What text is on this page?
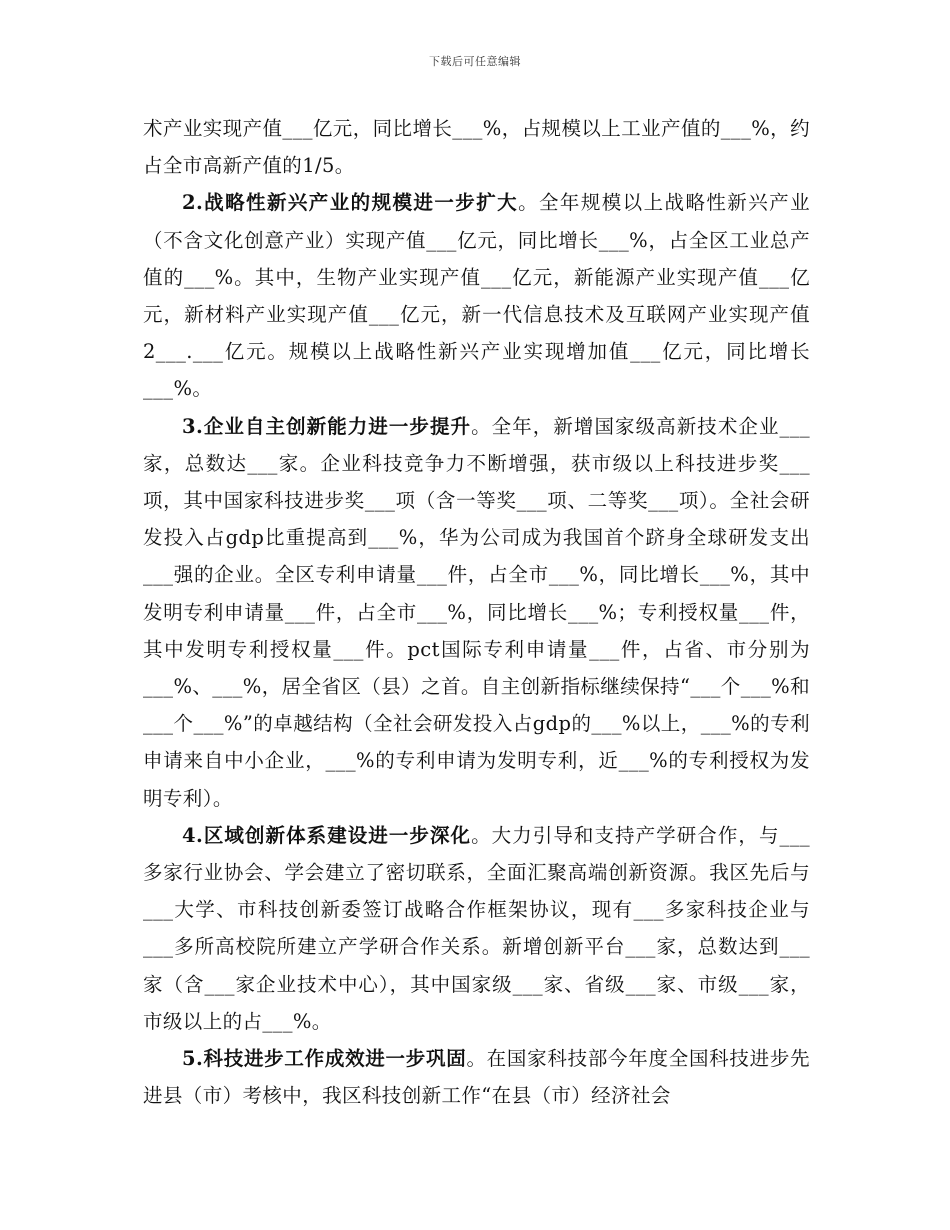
下载后可任意编辑

术产业实现产值___亿元，同比增长___%，占规模以上工业产值的___%，约占全市高新产值的1/5。

2.战略性新兴产业的规模进一步扩大。全年规模以上战略性新兴产业（不含文化创意产业）实现产值___亿元，同比增长___%，占全区工业总产值的___%。其中，生物产业实现产值___亿元，新能源产业实现产值___亿元，新材料产业实现产值___亿元，新一代信息技术及互联网产业实现产值2___.___亿元。规模以上战略性新兴产业实现增加值___亿元，同比增长___%。

3.企业自主创新能力进一步提升。全年，新增国家级高新技术企业___家，总数达___家。企业科技竞争力不断增强，获市级以上科技进步奖___项，其中国家科技进步奖___项（含一等奖___项、二等奖___项）。全社会研发投入占gdp比重提高到___%，华为公司成为我国首个跻身全球研发支出___强的企业。全区专利申请量___件，占全市___%，同比增长___%，其中发明专利申请量___件，占全市___%，同比增长___%；专利授权量___件，其中发明专利授权量___件。pct国际专利申请量___件，占省、市分别为___%、___%，居全省区（县）之首。自主创新指标继续保持“___个___%和___个___%”的卓越结构（全社会研发投入占gdp的___%以上，___%的专利申请来自中小企业，___%的专利申请为发明专利，近___%的专利授权为发明专利）。

4.区域创新体系建设进一步深化。大力引导和支持产学研合作，与___多家行业协会、学会建立了密切联系，全面汇聚高端创新资源。我区先后与___大学、市科技创新委签订战略合作框架协议，现有___多家科技企业与___多所高校院所建立产学研合作关系。新增创新平台___家，总数达到___家（含___家企业技术中心），其中国家级___家、省级___家、市级___家，市级以上的占___%。

5.科技进步工作成效进一步巩固。在国家科技部今年度全国科技进步先进县（市）考核中，我区科技创新工作“在县（市）经济社会
